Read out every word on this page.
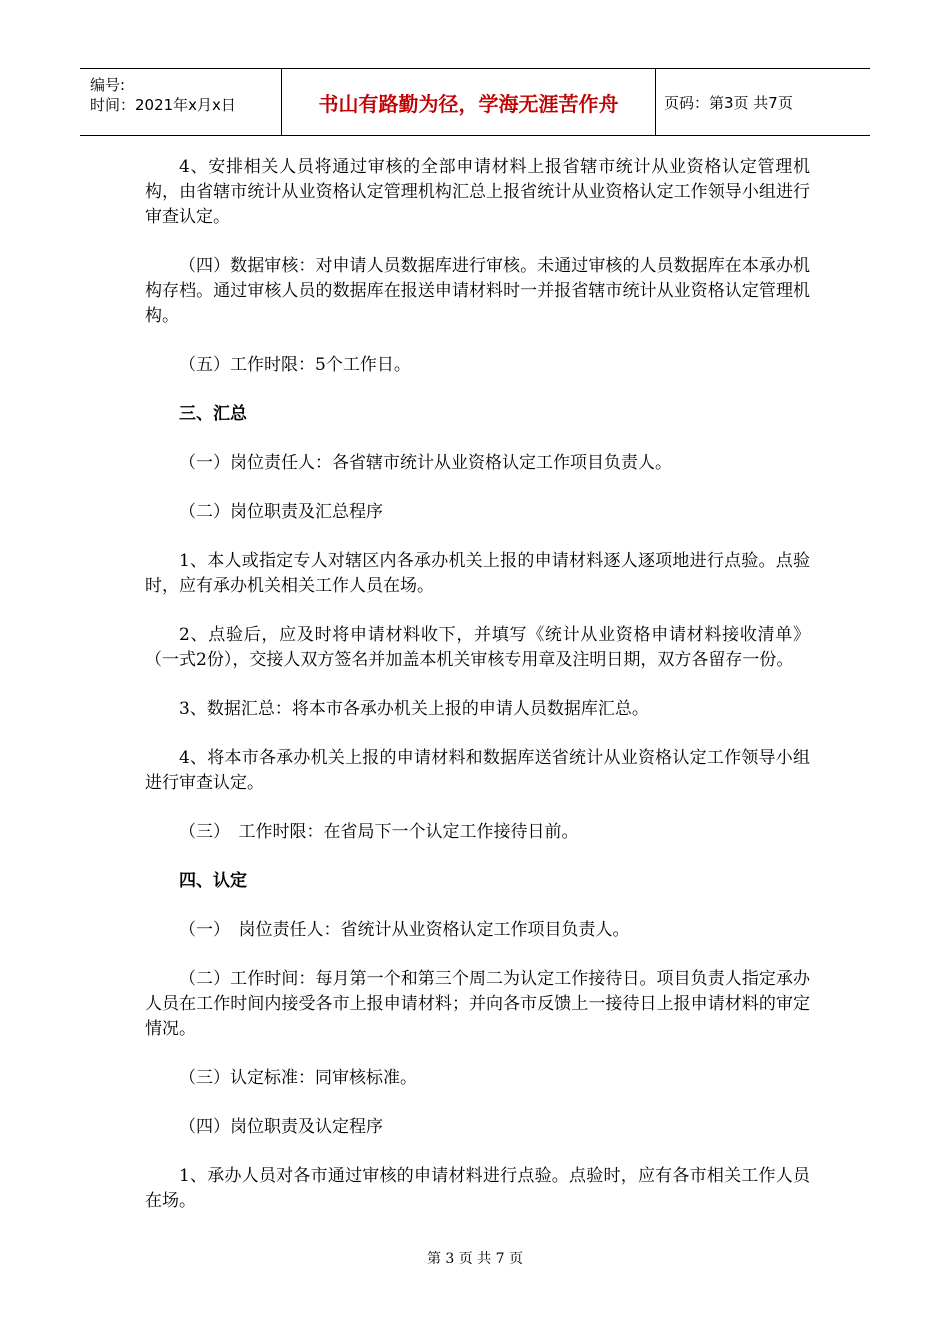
编号:
时间：2021年x月x日	书山有路勤为径，学海无涯苦作舟	页码：第3页 共7页

4、安排相关人员将通过审核的全部申请材料上报省辖市统计从业资格认定管理机构，由省辖市统计从业资格认定管理机构汇总上报省统计从业资格认定工作领导小组进行审查认定。

（四）数据审核：对申请人员数据库进行审核。未通过审核的人员数据库在本承办机构存档。通过审核人员的数据库在报送申请材料时一并报省辖市统计从业资格认定管理机构。

（五）工作时限：5个工作日。

三、汇总

（一）岗位责任人：各省辖市统计从业资格认定工作项目负责人。

（二）岗位职责及汇总程序

1、本人或指定专人对辖区内各承办机关上报的申请材料逐人逐项地进行点验。点验时，应有承办机关相关工作人员在场。

2、点验后，应及时将申请材料收下，并填写《统计从业资格申请材料接收清单》（一式2份），交接人双方签名并加盖本机关审核专用章及注明日期，双方各留存一份。

3、数据汇总：将本市各承办机关上报的申请人员数据库汇总。

4、将本市各承办机关上报的申请材料和数据库送省统计从业资格认定工作领导小组进行审查认定。

（三）　工作时限：在省局下一个认定工作接待日前。

四、认定

（一）　岗位责任人：省统计从业资格认定工作项目负责人。

（二）工作时间：每月第一个和第三个周二为认定工作接待日。项目负责人指定承办人员在工作时间内接受各市上报申请材料；并向各市反馈上一接待日上报申请材料的审定情况。

（三）认定标准：同审核标准。

（四）岗位职责及认定程序

1、承办人员对各市通过审核的申请材料进行点验。点验时，应有各市相关工作人员在场。

第 3 页 共 7 页
